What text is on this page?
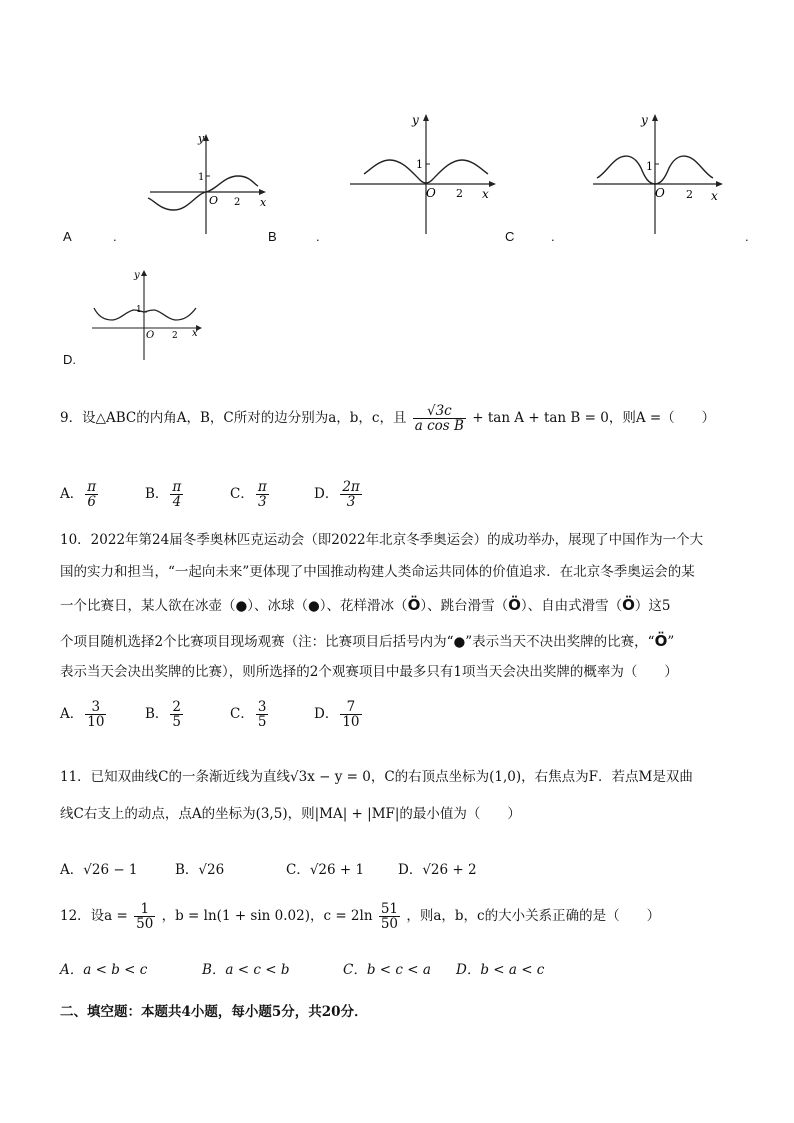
y
x
O
1
2
A	.
y
x
O
1
2
B	.
y
x
O
1
2
C	.	.
y
x
O
1
2
D.
9．设△ABC的内角A，B，C所对的边分别为a，b，c，且 $\frac{√3c}{\text{a cos B}} + \tan A + \tan B = 0$，则A =（　　）
A． $\frac{\pi}{6}$	B． $\frac{\pi}{4}$	C． $\frac{\pi}{3}$	D． $\frac{2\pi}{3}$
10．2022年第24届冬季奥林匹克运动会（即2022年北京冬季奥运会）的成功举办，展现了中国作为一个大
国的实力和担当，“一起向未来”更体现了中国推动构建人类命运共同体的价值追求．在北京冬季奥运会的某
一个比赛日，某人欲在冰壶（●）、冰球（●）、花样滑冰（Ö）、跳台滑雪（Ö）、自由式滑雪（Ö）这5
个项目随机选择2个比赛项目现场观赛（注：比赛项目后括号内为“●”表示当天不决出奖牌的比赛，“Ö”
表示当天会决出奖牌的比赛），则所选择的2个观赛项目中最多只有1项当天会决出奖牌的概率为（　　）
A． $\frac{3}{10}$	B． $\frac{2}{5}$	C． $\frac{3}{5}$	D． $\frac{7}{10}$
11．已知双曲线C的一条渐近线为直线√3x − y = 0，C的右顶点坐标为(1,0)，右焦点为F．若点M是双曲
线C右支上的动点，点A的坐标为(3,5)，则|MA| + |MF|的最小值为（　　）
A．√26 − 1	B．√26	C．√26 + 1	D．√26 + 2
12．设$a = \frac{1}{50}$ ，b = ln(1 + sin 0.02)，$c = 2\ln \frac{51}{50}$ ，则a，b，c的大小关系正确的是（　　）
A．a < b < c	B．a < c < b	C．b < c < a D．b < a < c
二、填空题：本题共4小题，每小题5分，共20分．
